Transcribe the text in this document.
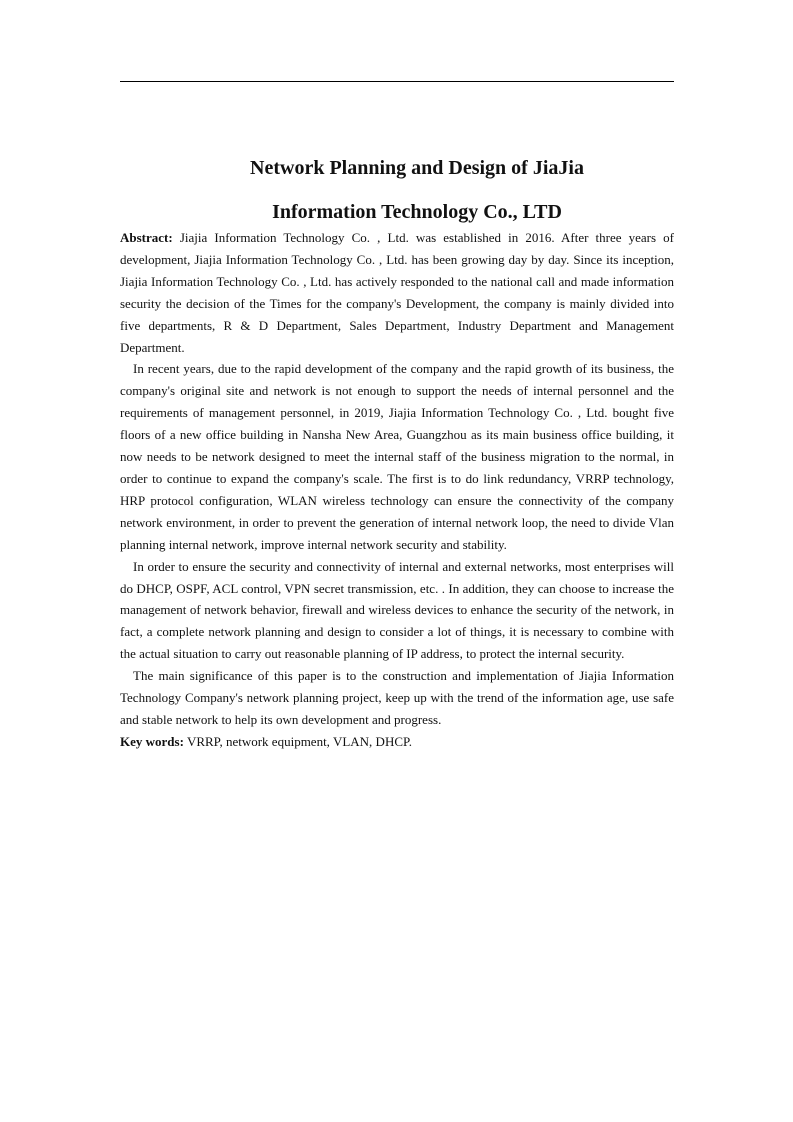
Network Planning and Design of JiaJia
Information Technology Co., LTD

Abstract: Jiajia Information Technology Co. , Ltd. was established in 2016. After three years of development, Jiajia Information Technology Co. , Ltd. has been growing day by day. Since its inception, Jiajia Information Technology Co. , Ltd. has actively responded to the national call and made information security the decision of the Times for the company's Development, the company is mainly divided into five departments, R & D Department, Sales Department, Industry Department and Management Department.

In recent years, due to the rapid development of the company and the rapid growth of its business, the company's original site and network is not enough to support the needs of internal personnel and the requirements of management personnel, in 2019, Jiajia Information Technology Co. , Ltd. bought five floors of a new office building in Nansha New Area, Guangzhou as its main business office building, it now needs to be network designed to meet the internal staff of the business migration to the normal, in order to continue to expand the company's scale. The first is to do link redundancy, VRRP technology, HRP protocol configuration, WLAN wireless technology can ensure the connectivity of the company network environment, in order to prevent the generation of internal network loop, the need to divide Vlan planning internal network, improve internal network security and stability.

In order to ensure the security and connectivity of internal and external networks, most enterprises will do DHCP, OSPF, ACL control, VPN secret transmission, etc. . In addition, they can choose to increase the management of network behavior, firewall and wireless devices to enhance the security of the network, in fact, a complete network planning and design to consider a lot of things, it is necessary to combine with the actual situation to carry out reasonable planning of IP address, to protect the internal security.

The main significance of this paper is to the construction and implementation of Jiajia Information Technology Company's network planning project, keep up with the trend of the information age, use safe and stable network to help its own development and progress.

Key words: VRRP, network equipment, VLAN, DHCP.
